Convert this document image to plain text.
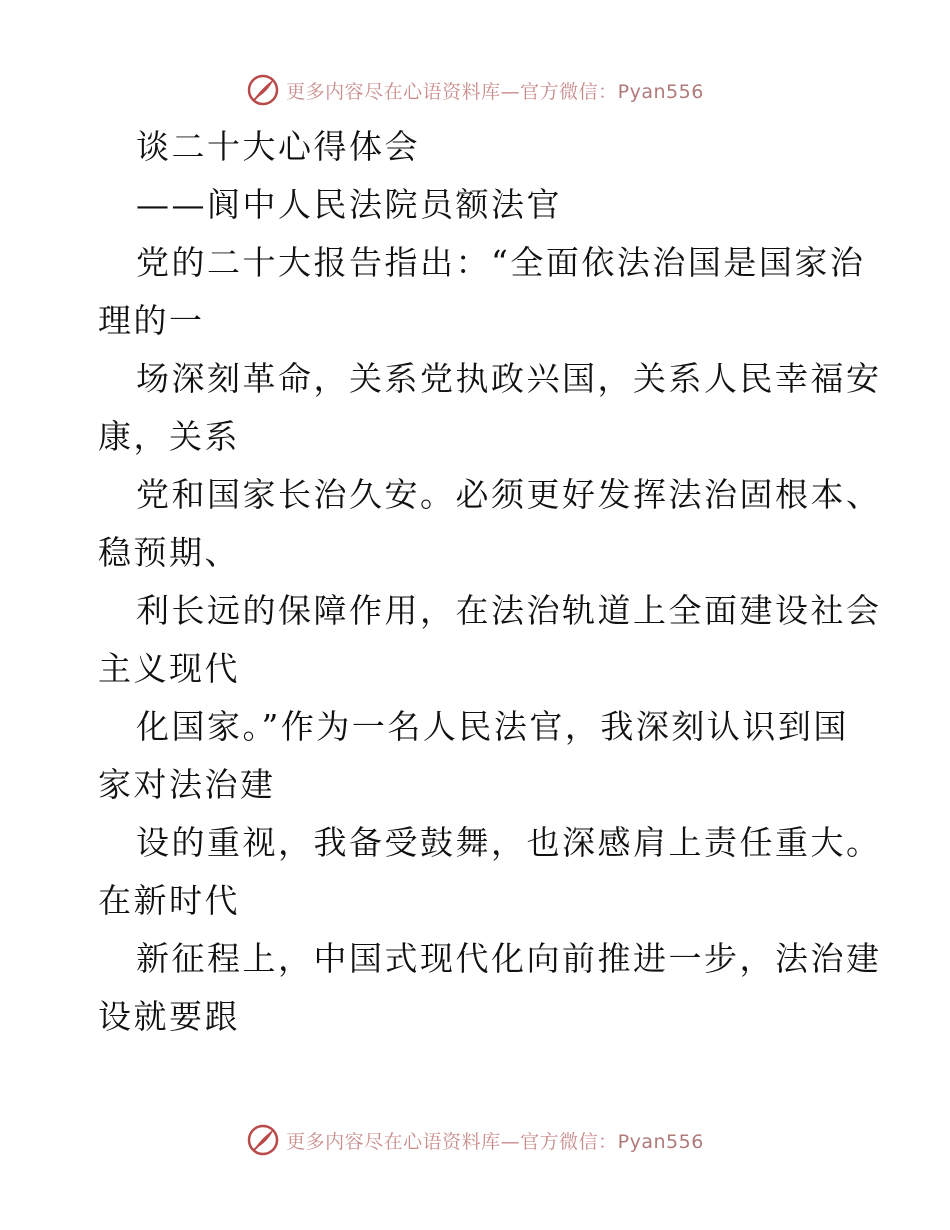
更多内容尽在心语资料库—官方微信：Pyan556
谈二十大心得体会
——阆中人民法院员额法官
党的二十大报告指出：“全面依法治国是国家治
理的一
场深刻革命，关系党执政兴国，关系人民幸福安
康，关系
党和国家长治久安。必须更好发挥法治固根本、
稳预期、
利长远的保障作用，在法治轨道上全面建设社会
主义现代
化国家。”作为一名人民法官，我深刻认识到国
家对法治建
设的重视，我备受鼓舞，也深感肩上责任重大。
在新时代
新征程上，中国式现代化向前推进一步，法治建
设就要跟
更多内容尽在心语资料库—官方微信：Pyan556
